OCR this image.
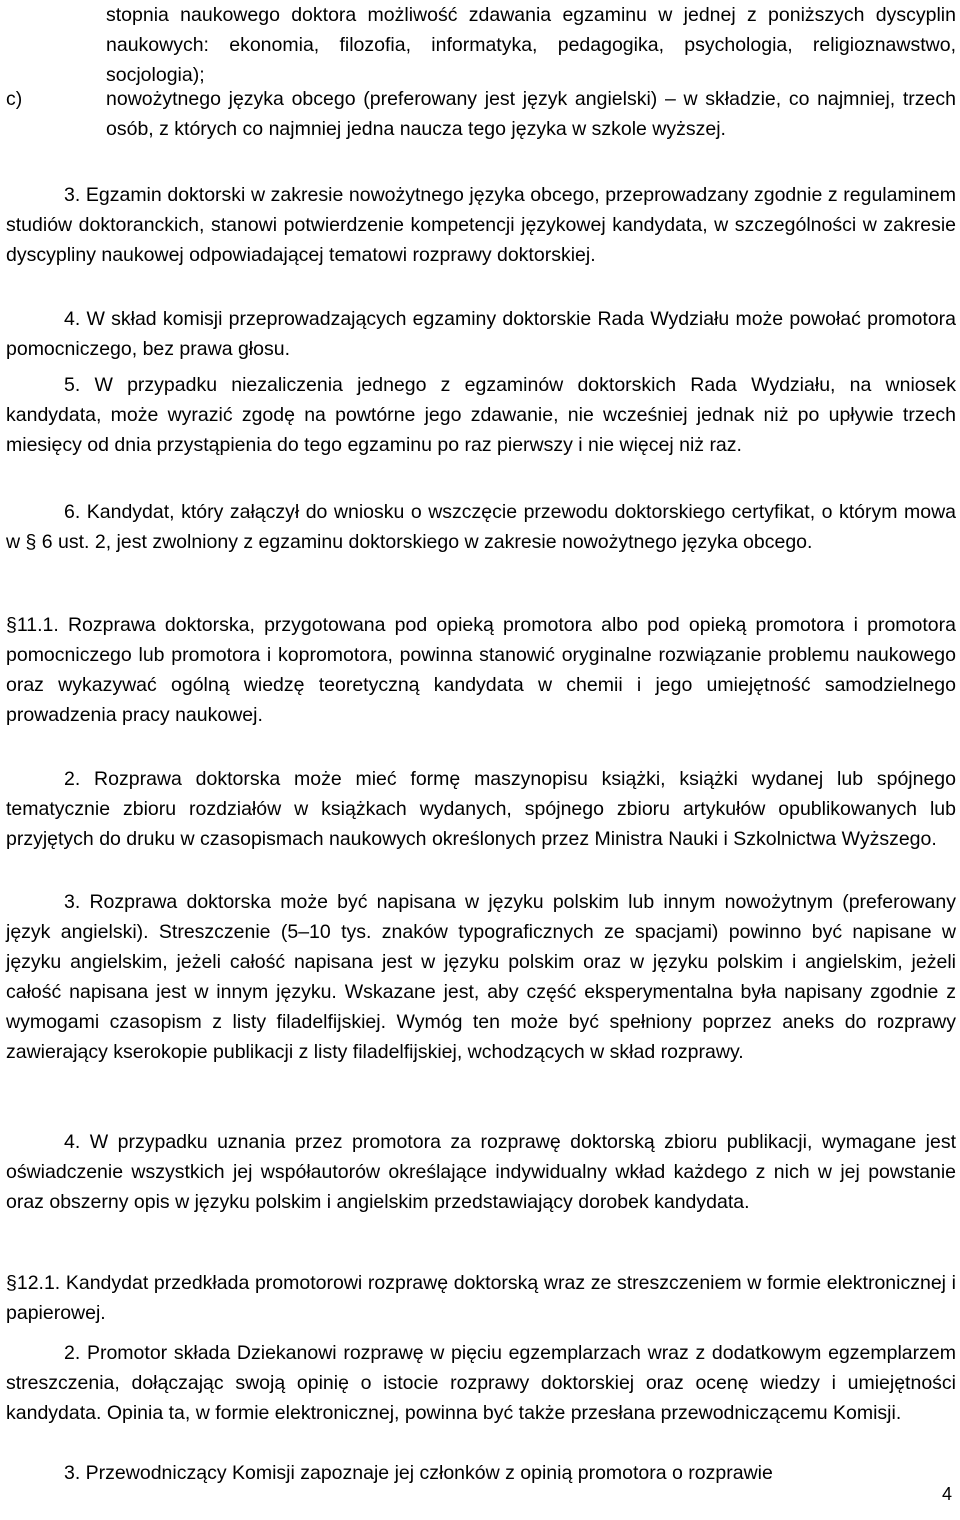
stopnia naukowego doktora możliwość zdawania egzaminu w jednej z poniższych dyscyplin naukowych: ekonomia, filozofia, informatyka, pedagogika, psychologia, religioznawstwo, socjologia);
c)	nowożytnego języka obcego (preferowany jest język angielski) – w składzie, co najmniej, trzech osób, z których co najmniej jedna naucza tego języka w szkole wyższej.
3. Egzamin doktorski w zakresie nowożytnego języka obcego, przeprowadzany zgodnie z regulaminem studiów doktoranckich, stanowi potwierdzenie kompetencji językowej kandydata, w szczególności w zakresie dyscypliny naukowej odpowiadającej tematowi rozprawy doktorskiej.
4. W skład komisji przeprowadzających egzaminy doktorskie Rada Wydziału może powołać promotora pomocniczego, bez prawa głosu.
5. W przypadku niezaliczenia jednego z egzaminów doktorskich Rada Wydziału, na wniosek kandydata, może wyrazić zgodę na powtórne jego zdawanie, nie wcześniej jednak niż po upływie trzech miesięcy od dnia przystąpienia do tego egzaminu po raz pierwszy i nie więcej niż raz.
6. Kandydat, który załączył do wniosku o wszczęcie przewodu doktorskiego certyfikat, o którym mowa w § 6 ust. 2, jest zwolniony z egzaminu doktorskiego w zakresie nowożytnego języka obcego.
§11.1. Rozprawa doktorska, przygotowana pod opieką promotora albo pod opieką promotora i promotora pomocniczego lub promotora i kopromotora, powinna stanowić oryginalne rozwiązanie problemu naukowego oraz wykazywać ogólną wiedzę teoretyczną kandydata w chemii i jego umiejętność samodzielnego prowadzenia pracy naukowej.
2. Rozprawa doktorska może mieć formę maszynopisu książki, książki wydanej lub spójnego tematycznie zbioru rozdziałów w książkach wydanych, spójnego zbioru artykułów opublikowanych lub przyjętych do druku w czasopismach naukowych określonych przez Ministra Nauki i Szkolnictwa Wyższego.
3. Rozprawa doktorska może być napisana w języku polskim lub innym nowożytnym (preferowany język angielski). Streszczenie (5–10 tys. znaków typograficznych ze spacjami) powinno być napisane w języku angielskim, jeżeli całość napisana jest w języku polskim oraz w języku polskim i angielskim, jeżeli całość napisana jest w innym języku. Wskazane jest, aby część eksperymentalna była napisany zgodnie z wymogami czasopism z listy filadelfijskiej. Wymóg ten może być spełniony poprzez aneks do rozprawy zawierający kserokopie publikacji z listy filadelfijskiej, wchodzących w skład rozprawy.
4. W przypadku uznania przez promotora za rozprawę doktorską zbioru publikacji, wymagane jest oświadczenie wszystkich jej współautorów określające indywidualny wkład każdego z nich w jej powstanie oraz obszerny opis w języku polskim i angielskim przedstawiający dorobek kandydata.
§12.1. Kandydat przedkłada promotorowi rozprawę doktorską wraz ze streszczeniem w formie elektronicznej i papierowej.
2. Promotor składa Dziekanowi rozprawę w pięciu egzemplarzach wraz z dodatkowym egzemplarzem streszczenia, dołączając swoją opinię o istocie rozprawy doktorskiej oraz ocenę wiedzy i umiejętności kandydata. Opinia ta, w formie elektronicznej, powinna być także przesłana przewodniczącemu Komisji.
3. Przewodniczący Komisji zapoznaje jej członków z opinią promotora o rozprawie
4
